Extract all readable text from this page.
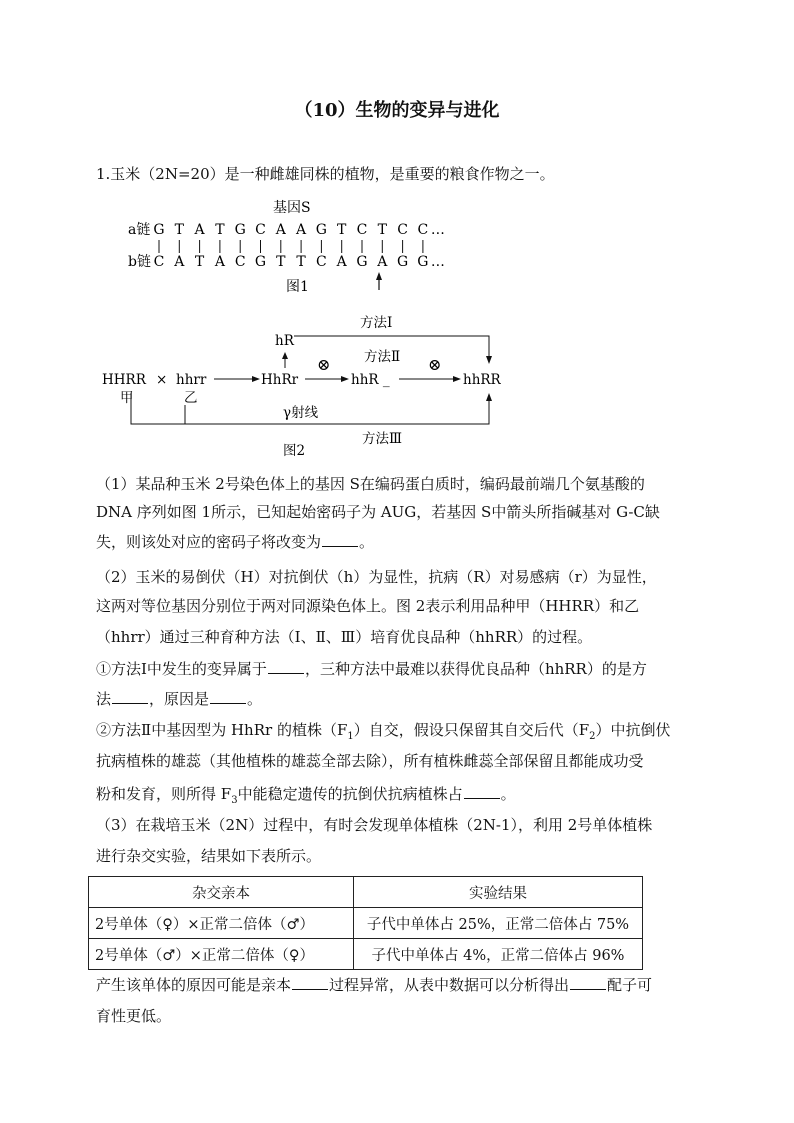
（10）生物的变异与进化
1.玉米（2N=20）是一种雌雄同株的植物，是重要的粮食作物之一。
基因S
a链
b链
G T A T G C A A G T C T C C
C A T A C G T T C A G A G G
…
…
图1
HHRR × hhrr
甲	乙
HhRr
hR
⊗
hhR _
⊗
hhRR
方法Ⅱ
方法Ⅰ
γ射线
方法Ⅲ
图2
（1）某品种玉米 2号染色体上的基因 S在编码蛋白质时，编码最前端几个氨基酸的
DNA 序列如图 1所示，已知起始密码子为 AUG，若基因 S中箭头所指碱基对 G-C缺
失，则该处对应的密码子将改变为	。
（2）玉米的易倒伏（H）对抗倒伏（h）为显性，抗病（R）对易感病（r）为显性，
这两对等位基因分别位于两对同源染色体上。图 2表示利用品种甲（HHRR）和乙
（hhrr）通过三种育种方法（Ⅰ、Ⅱ、Ⅲ）培育优良品种（hhRR）的过程。
①方法Ⅰ中发生的变异属于	，三种方法中最难以获得优良品种（hhRR）的是方
法	，原因是	。
②方法Ⅱ中基因型为 HhRr 的植株$(F_1)$自交，假设只保留其自交后代$(F_2)$中抗倒伏
抗病植株的雄蕊（其他植株的雄蕊全部去除），所有植株雌蕊全部保留且都能成功受
粉和发育，则所得 $F_3$中能稳定遗传的抗倒伏抗病植株占	。
（3）在栽培玉米（2N）过程中，有时会发现单体植株（2N-1），利用 2号单体植株
进行杂交实验，结果如下表所示。
杂交亲本	实验结果
2号单体（♀）×正常二倍体（♂）	子代中单体占 25%，正常二倍体占 75%
2号单体（♂）×正常二倍体（♀）	子代中单体占 4%，正常二倍体占 96%
产生该单体的原因可能是亲本	过程异常，从表中数据可以分析得出	配子可
育性更低。
